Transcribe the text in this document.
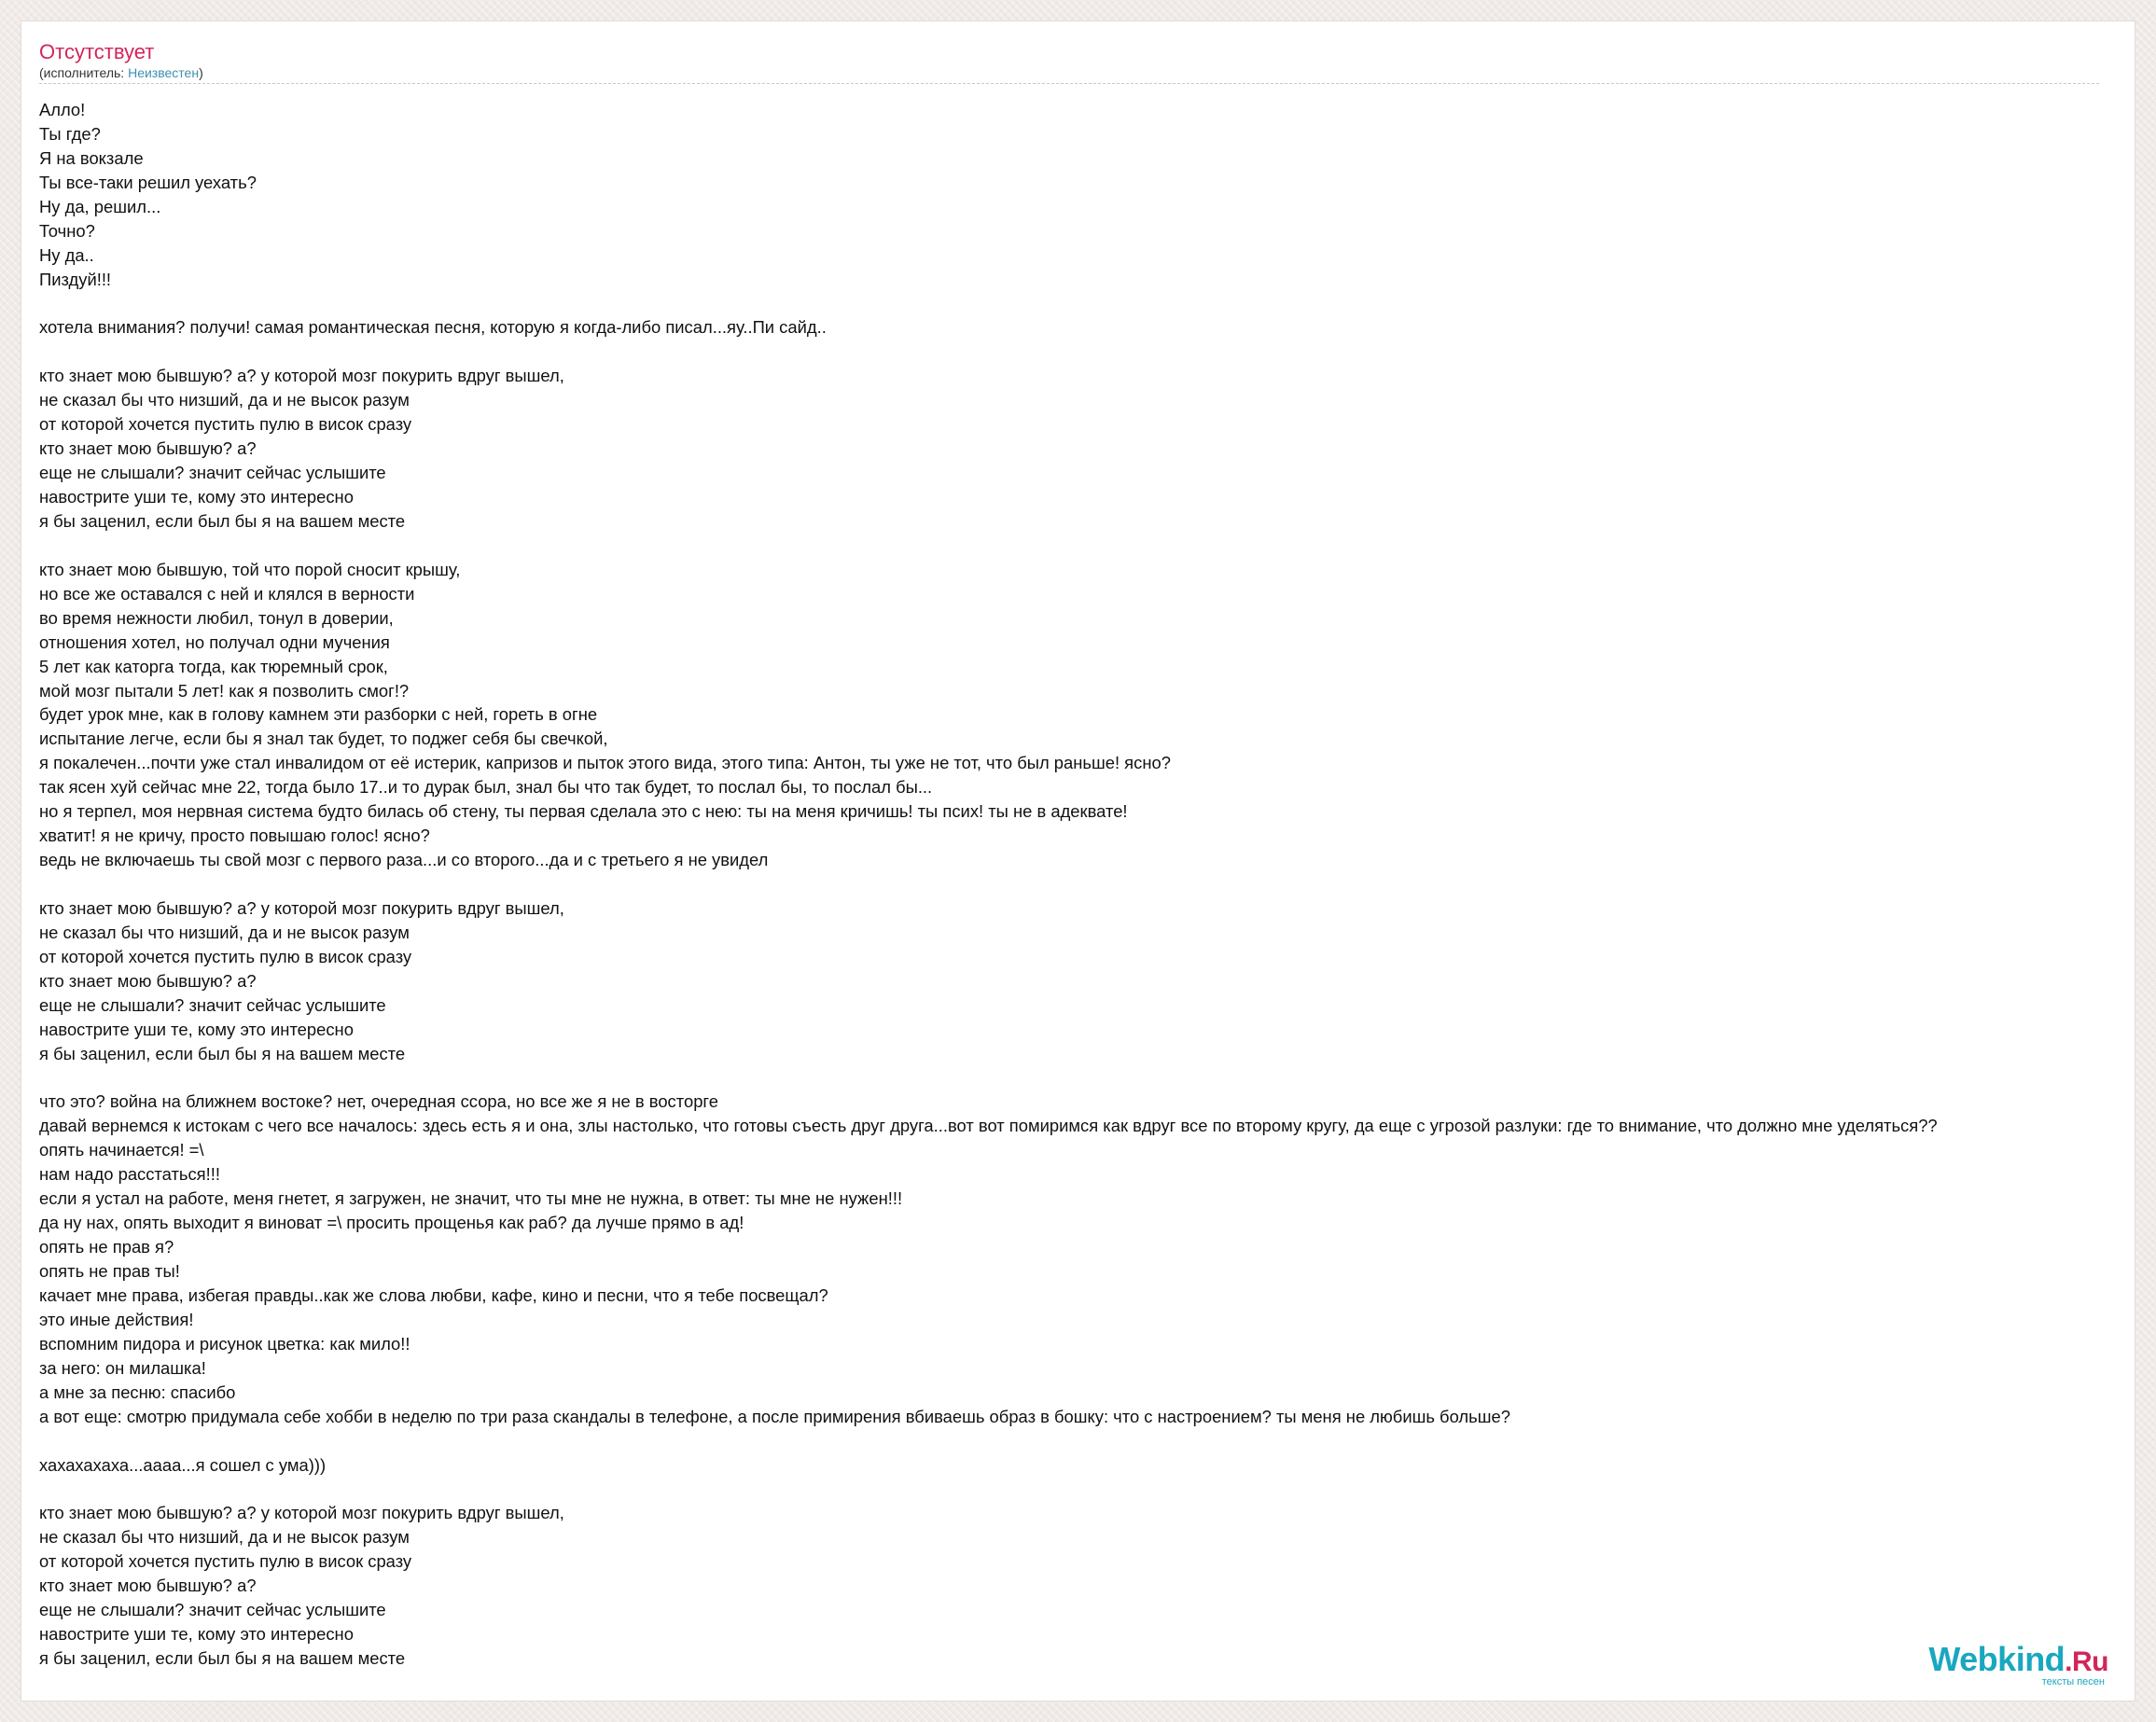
Отсутствует
(исполнитель: Неизвестен)
Алло!
Ты где?
Я на вокзале
Ты все-таки решил уехать?
Ну да, решил...
Точно?
Ну да..
Пиздуй!!!
хотела внимания? получи! самая романтическая песня, которую я когда-либо писал...яу..Пи сайд..
кто знает мою бывшую? а? у которой мозг покурить вдруг вышел,
не сказал бы что низший, да и не высок разум
от которой хочется пустить пулю в висок сразу
кто знает мою бывшую? а?
еще не слышали? значит сейчас услышите
навострите уши те, кому это интересно
я бы заценил, если был бы я на вашем месте
кто знает мою бывшую, той что порой сносит крышу,
но все же оставался с ней и клялся в верности
во время нежности любил, тонул в доверии,
отношения хотел, но получал одни мучения
5 лет как каторга тогда, как тюремный срок,
мой мозг пытали 5 лет! как я позволить смог!?
будет урок мне, как в голову камнем эти разборки с ней, гореть в огне
испытание легче, если бы я знал так будет, то поджег себя бы свечкой,
я покалечен...почти уже стал инвалидом от её истерик, капризов и пыток этого вида, этого типа: Антон, ты уже не тот, что был раньше! ясно?
так ясен хуй сейчас мне 22, тогда было 17..и то дурак был, знал бы что так будет, то послал бы, то послал бы...
но я терпел, моя нервная система будто билась об стену, ты первая сделала это с нею: ты на меня кричишь! ты псих! ты не в адеквате!
хватит! я не кричу, просто повышаю голос! ясно?
ведь не включаешь ты свой мозг с первого раза...и со второго...да и с третьего я не увидел
кто знает мою бывшую? а? у которой мозг покурить вдруг вышел,
не сказал бы что низший, да и не высок разум
от которой хочется пустить пулю в висок сразу
кто знает мою бывшую? а?
еще не слышали? значит сейчас услышите
навострите уши те, кому это интересно
я бы заценил, если был бы я на вашем месте
что это? война на ближнем востоке? нет, очередная ссора, но все же я не в восторге
давай вернемся к истокам с чего все началось: здесь есть я и она, злы настолько, что готовы съесть друг друга...вот вот помиримся как вдруг все по второму кругу, да еще с угрозой разлуки: где то внимание, что должно мне уделяться??
опять начинается! =\
нам надо расстаться!!!
если я устал на работе, меня гнетет, я загружен, не значит, что ты мне не нужна, в ответ: ты мне не нужен!!!
да ну нах, опять выходит я виноват =\ просить прощенья как раб? да лучше прямо в ад!
опять не прав я?
опять не прав ты!
качает мне права, избегая правды..как же слова любви, кафе, кино и песни, что я тебе посвещал?
это иные действия!
вспомним пидора и рисунок цветка: как мило!!
за него: он милашка!
а мне за песню: спасибо
а вот еще: смотрю придумала себе хобби в неделю по три раза скандалы в телефоне, а после примирения вбиваешь образ в бошку: что с настроением? ты меня не любишь больше?
хахахахаха...аааа...я сошел с ума)))
кто знает мою бывшую? а? у которой мозг покурить вдруг вышел,
не сказал бы что низший, да и не высок разум
от которой хочется пустить пулю в висок сразу
кто знает мою бывшую? а?
еще не слышали? значит сейчас услышите
навострите уши те, кому это интересно
я бы заценил, если был бы я на вашем месте	Webkind.Ru
тексты песен
